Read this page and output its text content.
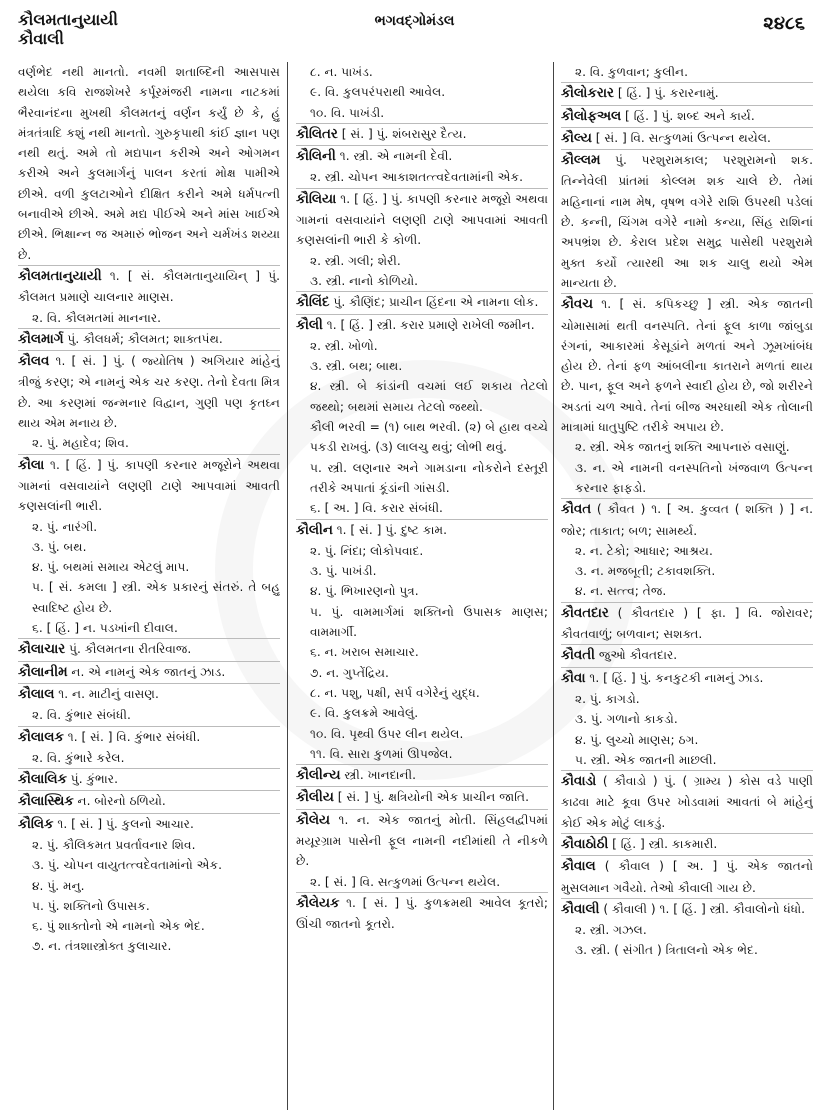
કૌલમતાનુયાયી
કૌવાલી
ભગવદ્ગોમંડલ	૨૪૮૬

વર્ણભેદ નથી માનતો. નવમી શતાબ્દિની આસપાસ થયેલા કવિ રાજશેખરે કર્પૂરમંજરી નામના નાટકમાં ભૈરવાનંદના મુખથી કૌલમતનું વર્ણન કર્યું છે કે, હું મંત્રતંત્રાદિ કશું નથી માનતો. ગુરુકૃપાથી કાંઈ જ્ઞાન પણ નથી થતું. અમે તો મદ્યપાન કરીએ અને ઓગમન કરીએ અને કુલમાર્ગનું પાલન કરતાં મોક્ષ પામીએ છીએ. વળી કુલટાઓને દીક્ષિત કરીને અમે ધર્મપત્ની બનાવીએ છીએ. અમે મદ્ય પીઈએ અને માંસ ખાઈએ છીએ. ભિક્ષાન્ન જ અમારું ભોજન અને ચર્મખંડ શય્યા છે.

કૌલમતાનુયાયી ૧. [ સં. કૌલમતાનુયાયિન્ ] પું. કૌલમત પ્રમાણે ચાલનાર માણસ.

૨. વિ. કૌલમતમાં માનનાર.

કૌલમાર્ગ પું. કૌલધર્મ; કૌલમત; શાક્તપંથ.

કૌલવ ૧. [ સં. ] પું. ( જ્યોતિષ ) અગિયાર માંહેનું ત્રીજું કરણ; એ નામનું એક ચર કરણ. તેનો દેવતા મિત્ર છે. આ કરણમાં જન્મનાર વિદ્વાન, ગુણી પણ કૃતઘ્ન થાય એમ મનાય છે.

૨. પું. મહાદેવ; શિવ.

કૌલા ૧. [ હિં. ] પું. કાપણી કરનાર મજૂરોને અથવા ગામનાં વસવાયાંને લણણી ટાણે આપવામાં આવતી કણસલાંની ભારી.

૨. પું. નારંગી.

૩. પું. બથ.

૪. પું. બથમાં સમાય એટલું માપ.

૫. [ સં. કમલા ] સ્ત્રી. એક પ્રકારનું સંતરું. તે બહુ સ્વાદિષ્ટ હોય છે.

૬. [ હિં. ] ન. પડખાંની દીવાલ.

કૌલાચાર પું. કૌલમતના રીતરિવાજ.

કૌલાનીમ ન. એ નામનું એક જાતનું ઝાડ.

કૌલાલ ૧. ન. માટીનું વાસણ.

૨. વિ. કુંભાર સંબંધી.

કૌલાલક ૧. [ સં. ] વિ. કુંભાર સંબંધી.

૨. વિ. કુંભારે કરેલ.

કૌલાલિક પું. કુંભાર.

કૌલાસ્થિક ન. બોરનો ઠળિયો.

કૌલિક ૧. [ સં. ] પું. કુલનો આચાર.

૨. પું. કૌલિકમત પ્રવર્તાવનાર શિવ.

૩. પું. ચોપન વાયુતત્ત્વદેવતામાંનો એક.

૪. પું. મનુ.

૫. પું. શક્તિનો ઉપાસક.

૬. પું શાક્તોનો એ નામનો એક ભેદ.

૭. ન. તંત્રશાસ્ત્રોક્ત કુલાચાર.

૮. ન. પાખંડ.

૯. વિ. કુલપરંપરાથી આવેલ.

૧૦. વિ. પાખંડી.

કૌલિતર [ સં. ] પું. શંબરાસુર દૈત્ય.

કૌલિની ૧. સ્ત્રી. એ નામની દેવી.

૨. સ્ત્રી. ચોપન આકાશતત્ત્વદેવતામાંની એક.

કૌલિયા ૧. [ હિં. ] પું. કાપણી કરનાર મજૂરો અથવા ગામનાં વસવાયાંને લણણી ટાણે આપવામાં આવતી કણસલાંની ભારી કે કોળી.

૨. સ્ત્રી. ગલી; શેરી.

૩. સ્ત્રી. નાનો કોળિયો.

કૌલિંદ પું. કૌણિંદ; પ્રાચીન હિંદના એ નામના લોક.

કૌલી ૧. [ હિં. ] સ્ત્રી. કરાર પ્રમાણે રાખેલી જમીન.

૨. સ્ત્રી. ખોળો.

૩. સ્ત્રી. બથ; બાથ.

૪. સ્ત્રી. બે કાંડાંની વચમાં લઈ શકાય તેટલો જથ્થો; બથમાં સમાય તેટલો જથ્થો.

કૌલી ભરવી = (૧) બાથ ભરવી. (૨) બે હાથ વચ્ચે પકડી રાખવું. (૩) લાલચુ થવું; લોભી થવું.

૫. સ્ત્રી. લણનાર અને ગામડાના નોકરોને દસ્તૂરી તરીકે અપાતાં કૂંડાંની ગાંસડી.

૬. [ અ. ] વિ. કરાર સંબંધી.

કૌલીન ૧. [ સં. ] પું. દુષ્ટ કામ.

૨. પું. નિંદા; લોકોપવાદ.

૩. પું. પાખંડી.

૪. પું. ભિખારણનો પુત્ર.

૫. પું. વામમાર્ગમાં શક્તિનો ઉપાસક માણસ; વામમાર્ગી.

૬. ન. ખરાબ સમાચાર.

૭. ન. ગુપ્તેંદ્રિય.

૮. ન. પશુ, પક્ષી, સર્પ વગેરેનું યુદ્ધ.

૯. વિ. કુલક્રમે આવેલું.

૧૦. વિ. પૃથ્વી ઉપર લીન થયેલ.

૧૧. વિ. સારા કુળમાં ઊપજેલ.

કૌલીન્ય સ્ત્રી. ખાનદાની.

કૌલીય [ સં. ] પું. ક્ષત્રિયોની એક પ્રાચીન જાતિ.

કૌલેય ૧. ન. એક જાતનું મોતી. સિંહલદ્વીપમાં મયૂરગ્રામ પાસેની ફૂલ નામની નદીમાંથી તે નીકળે છે.

૨. [ સં. ] વિ. સત્કુળમાં ઉત્પન્ન થયેલ.

કૌલેયક ૧. [ સં. ] પું. કુળક્રમથી આવેલ કૂતરો; ઊંચી જાતનો કૂતરો.

૨. વિ. કુળવાન; કુલીન.

કૌલોકરાર [ હિં. ] પું. કરારનામું.

કૌલોફઅલ [ હિં. ] પું. શબ્દ અને કાર્ય.

કૌલ્ય [ સં. ] વિ. સત્કુળમાં ઉત્પન્ન થયેલ.

કૌલ્લમ પું. પરશુરામકાલ; પરશુરામનો શક. તિન્નેવેલી પ્રાંતમાં કોલ્લમ શક ચાલે છે. તેમાં મહિનાનાં નામ મેષ, વૃષભ વગેરે રાશિ ઉપરથી પડેલાં છે. કન્ની, ચિંગમ વગેરે નામો કન્યા, સિંહ રાશિનાં અપભ્રંશ છે. કેરાલ પ્રદેશ સમુદ્ર પાસેથી પરશુરામે મુક્ત કર્યો ત્યારથી આ શક ચાલુ થયો એમ માન્યતા છે.

કૌવચ ૧. [ સં. કપિકચ્છુ ] સ્ત્રી. એક જાતની ચોમાસામાં થતી વનસ્પતિ. તેનાં ફૂલ કાળા જાંબુડા રંગનાં, આકારમાં કેસૂડાંને મળતાં અને ઝૂમખાંબંધ હોય છે. તેનાં ફળ આંબલીના કાતરાને મળતાં થાય છે. પાન, ફૂલ અને ફળને સ્વાદી હોય છે, જો શરીરને અડતાં ચળ આવે. તેનાં બીજ અરધાથી એક તોલાની માત્રામાં ધાતુપુષ્ટિ તરીકે અપાય છે.

૨. સ્ત્રી. એક જાતનું શક્તિ આપનારું વસાણું.

૩. ન. એ નામની વનસ્પતિનો ખંજવાળ ઉત્પન્ન કરનાર ફાફડો.

કૌવત ( કૌવત ) ૧. [ અ. કુવ્વત ( શક્તિ ) ] ન. જોર; તાકાત; બળ; સામર્થ્ય.

૨. ન. ટેકો; આધાર; આશ્રય.

૩. ન. મજબૂતી; ટકાવશક્તિ.

૪. ન. સત્ત્વ; તેજ.

કૌવતદાર ( કૌવતદાર ) [ ફા. ] વિ. જોરાવર; કૌવતવાળું; બળવાન; સશક્ત.

કૌવતી જુઓ કૌવતદાર.

કૌવા ૧. [ હિં. ] પું. કનકુટકી નામનું ઝાડ.

૨. પું. કાગડો.

૩. પું. ગળાનો કાકડો.

૪. પું. લુચ્ચો માણસ; ઠગ.

૫. સ્ત્રી. એક જાતની માછલી.

કૌવાડો ( કૌવાડો ) પું. ( ગ્રામ્ય ) કોસ વડે પાણી કાઢવા માટે કૂવા ઉપર ખોડવામાં આવતાં બે માંહેનું કોઈ એક મોટું લાકડું.

કૌવાઠોઠી [ હિં. ] સ્ત્રી. કાકમારી.

કૌવાલ ( કૌવાલ ) [ અ. ] પું. એક જાતનો મુસલમાન ગવૈયો. તેઓ કૌવાલી ગાય છે.

કૌવાલી ( કૌવાલી ) ૧. [ હિં. ] સ્ત્રી. કૌવાલોનો ધંધો.

૨. સ્ત્રી. ગઝલ.

૩. સ્ત્રી. ( સંગીત ) ત્રિતાલનો એક ભેદ.
